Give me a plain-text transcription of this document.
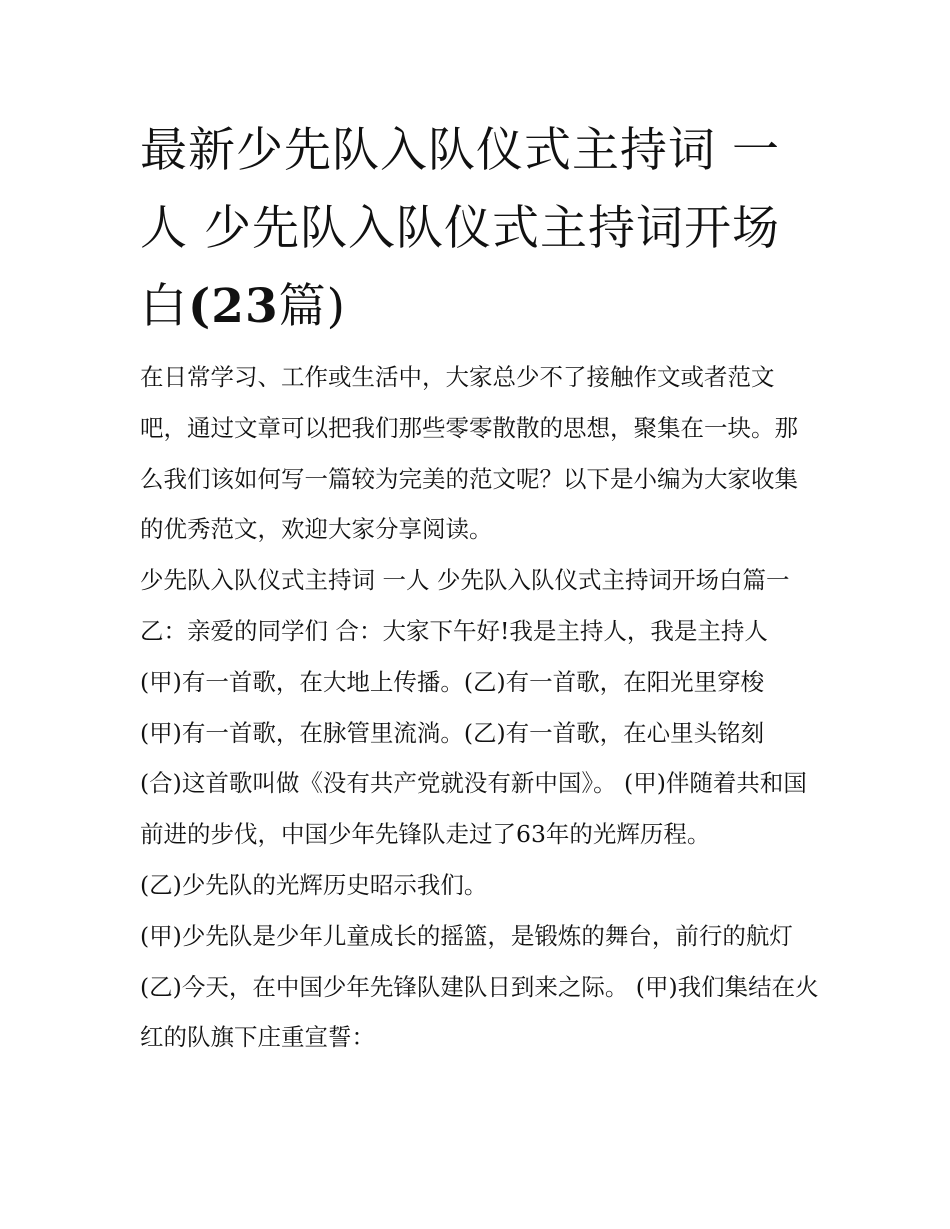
最新少先队入队仪式主持词 一人 少先队入队仪式主持词开场白(23篇)

在日常学习、工作或生活中，大家总少不了接触作文或者范文吧，通过文章可以把我们那些零零散散的思想，聚集在一块。那么我们该如何写一篇较为完美的范文呢？以下是小编为大家收集的优秀范文，欢迎大家分享阅读。

少先队入队仪式主持词 一人 少先队入队仪式主持词开场白篇一 乙：亲爱的同学们 合：大家下午好!我是主持人，我是主持人

(甲)有一首歌，在大地上传播。(乙)有一首歌，在阳光里穿梭

(甲)有一首歌，在脉管里流淌。(乙)有一首歌，在心里头铭刻

(合)这首歌叫做《没有共产党就没有新中国》。 (甲)伴随着共和国前进的步伐，中国少年先锋队走过了63年的光辉历程。

(乙)少先队的光辉历史昭示我们。

(甲)少先队是少年儿童成长的摇篮，是锻炼的舞台，前行的航灯 (乙)今天，在中国少年先锋队建队日到来之际。 (甲)我们集结在火红的队旗下庄重宣誓：
